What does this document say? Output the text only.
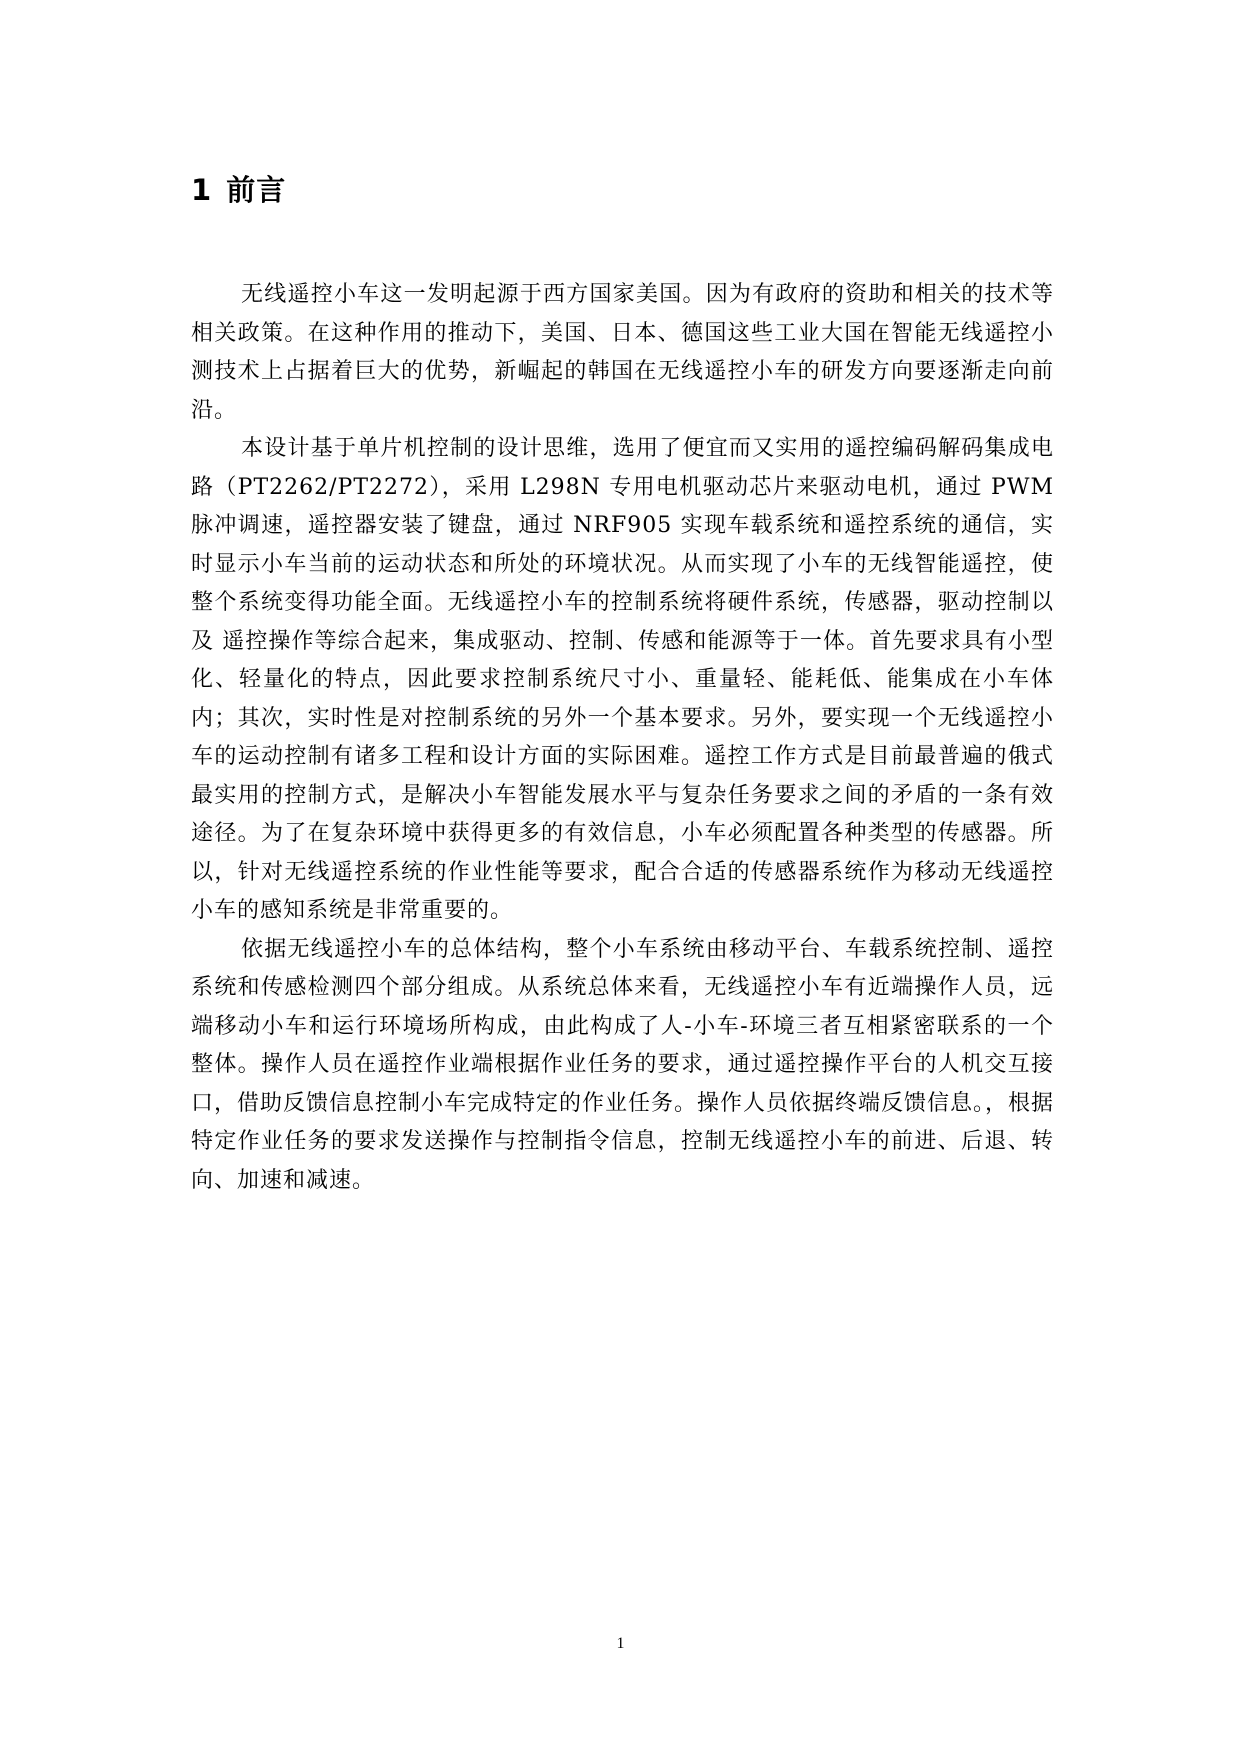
1 前言

无线遥控小车这一发明起源于西方国家美国。因为有政府的资助和相关的技术等相关政策。在这种作用的推动下，美国、日本、德国这些工业大国在智能无线遥控小测技术上占据着巨大的优势，新崛起的韩国在无线遥控小车的研发方向要逐渐走向前沿。

本设计基于单片机控制的设计思维，选用了便宜而又实用的遥控编码解码集成电路（PT2262/PT2272），采用 L298N 专用电机驱动芯片来驱动电机，通过 PWM 脉冲调速，遥控器安装了键盘，通过 NRF905 实现车载系统和遥控系统的通信，实时显示小车当前的运动状态和所处的环境状况。从而实现了小车的无线智能遥控，使整个系统变得功能全面。无线遥控小车的控制系统将硬件系统，传感器，驱动控制以及 遥控操作等综合起来，集成驱动、控制、传感和能源等于一体。首先要求具有小型化、轻量化的特点，因此要求控制系统尺寸小、重量轻、能耗低、能集成在小车体内；其次，实时性是对控制系统的另外一个基本要求。另外，要实现一个无线遥控小车的运动控制有诸多工程和设计方面的实际困难。遥控工作方式是目前最普遍的俄式最实用的控制方式，是解决小车智能发展水平与复杂任务要求之间的矛盾的一条有效途径。为了在复杂环境中获得更多的有效信息，小车必须配置各种类型的传感器。所以，针对无线遥控系统的作业性能等要求，配合合适的传感器系统作为移动无线遥控小车的感知系统是非常重要的。

依据无线遥控小车的总体结构，整个小车系统由移动平台、车载系统控制、遥控系统和传感检测四个部分组成。从系统总体来看，无线遥控小车有近端操作人员，远端移动小车和运行环境场所构成，由此构成了人-小车-环境三者互相紧密联系的一个整体。操作人员在遥控作业端根据作业任务的要求，通过遥控操作平台的人机交互接口，借助反馈信息控制小车完成特定的作业任务。操作人员依据终端反馈信息。，根据特定作业任务的要求发送操作与控制指令信息，控制无线遥控小车的前进、后退、转向、加速和减速。

1
